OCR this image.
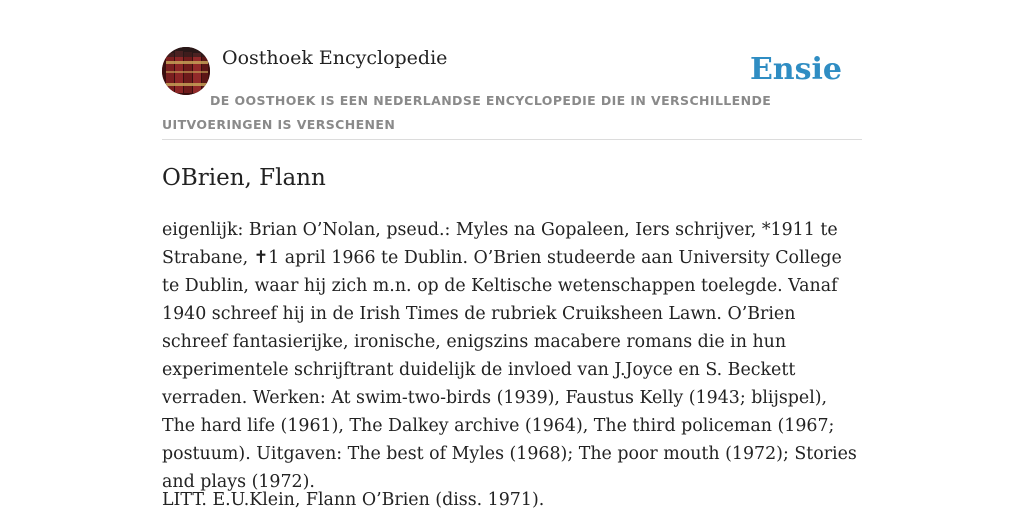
Oosthoek Encyclopedie	Ensie

DE OOSTHOEK IS EEN NEDERLANDSE ENCYCLOPEDIE DIE IN VERSCHILLENDE UITVOERINGEN IS VERSCHENEN

OBrien, Flann

eigenlijk: Brian O’Nolan, pseud.: Myles na Gopaleen, Iers schrijver, *1911 te Strabane, ✝1 april 1966 te Dublin. O’Brien studeerde aan University College te Dublin, waar hij zich m.n. op de Keltische wetenschappen toelegde. Vanaf 1940 schreef hij in de Irish Times de rubriek Cruiksheen Lawn. O’Brien schreef fantasierijke, ironische, enigszins macabere romans die in hun experimentele schrijftrant duidelijk de invloed van J.Joyce en S. Beckett verraden. Werken: At swim-two-birds (1939), Faustus Kelly (1943; blijspel), The hard life (1961), The Dalkey archive (1964), The third policeman (1967; postuum). Uitgaven: The best of Myles (1968); The poor mouth (1972); Stories and plays (1972).

LITT. E.U.Klein, Flann O’Brien (diss. 1971).
